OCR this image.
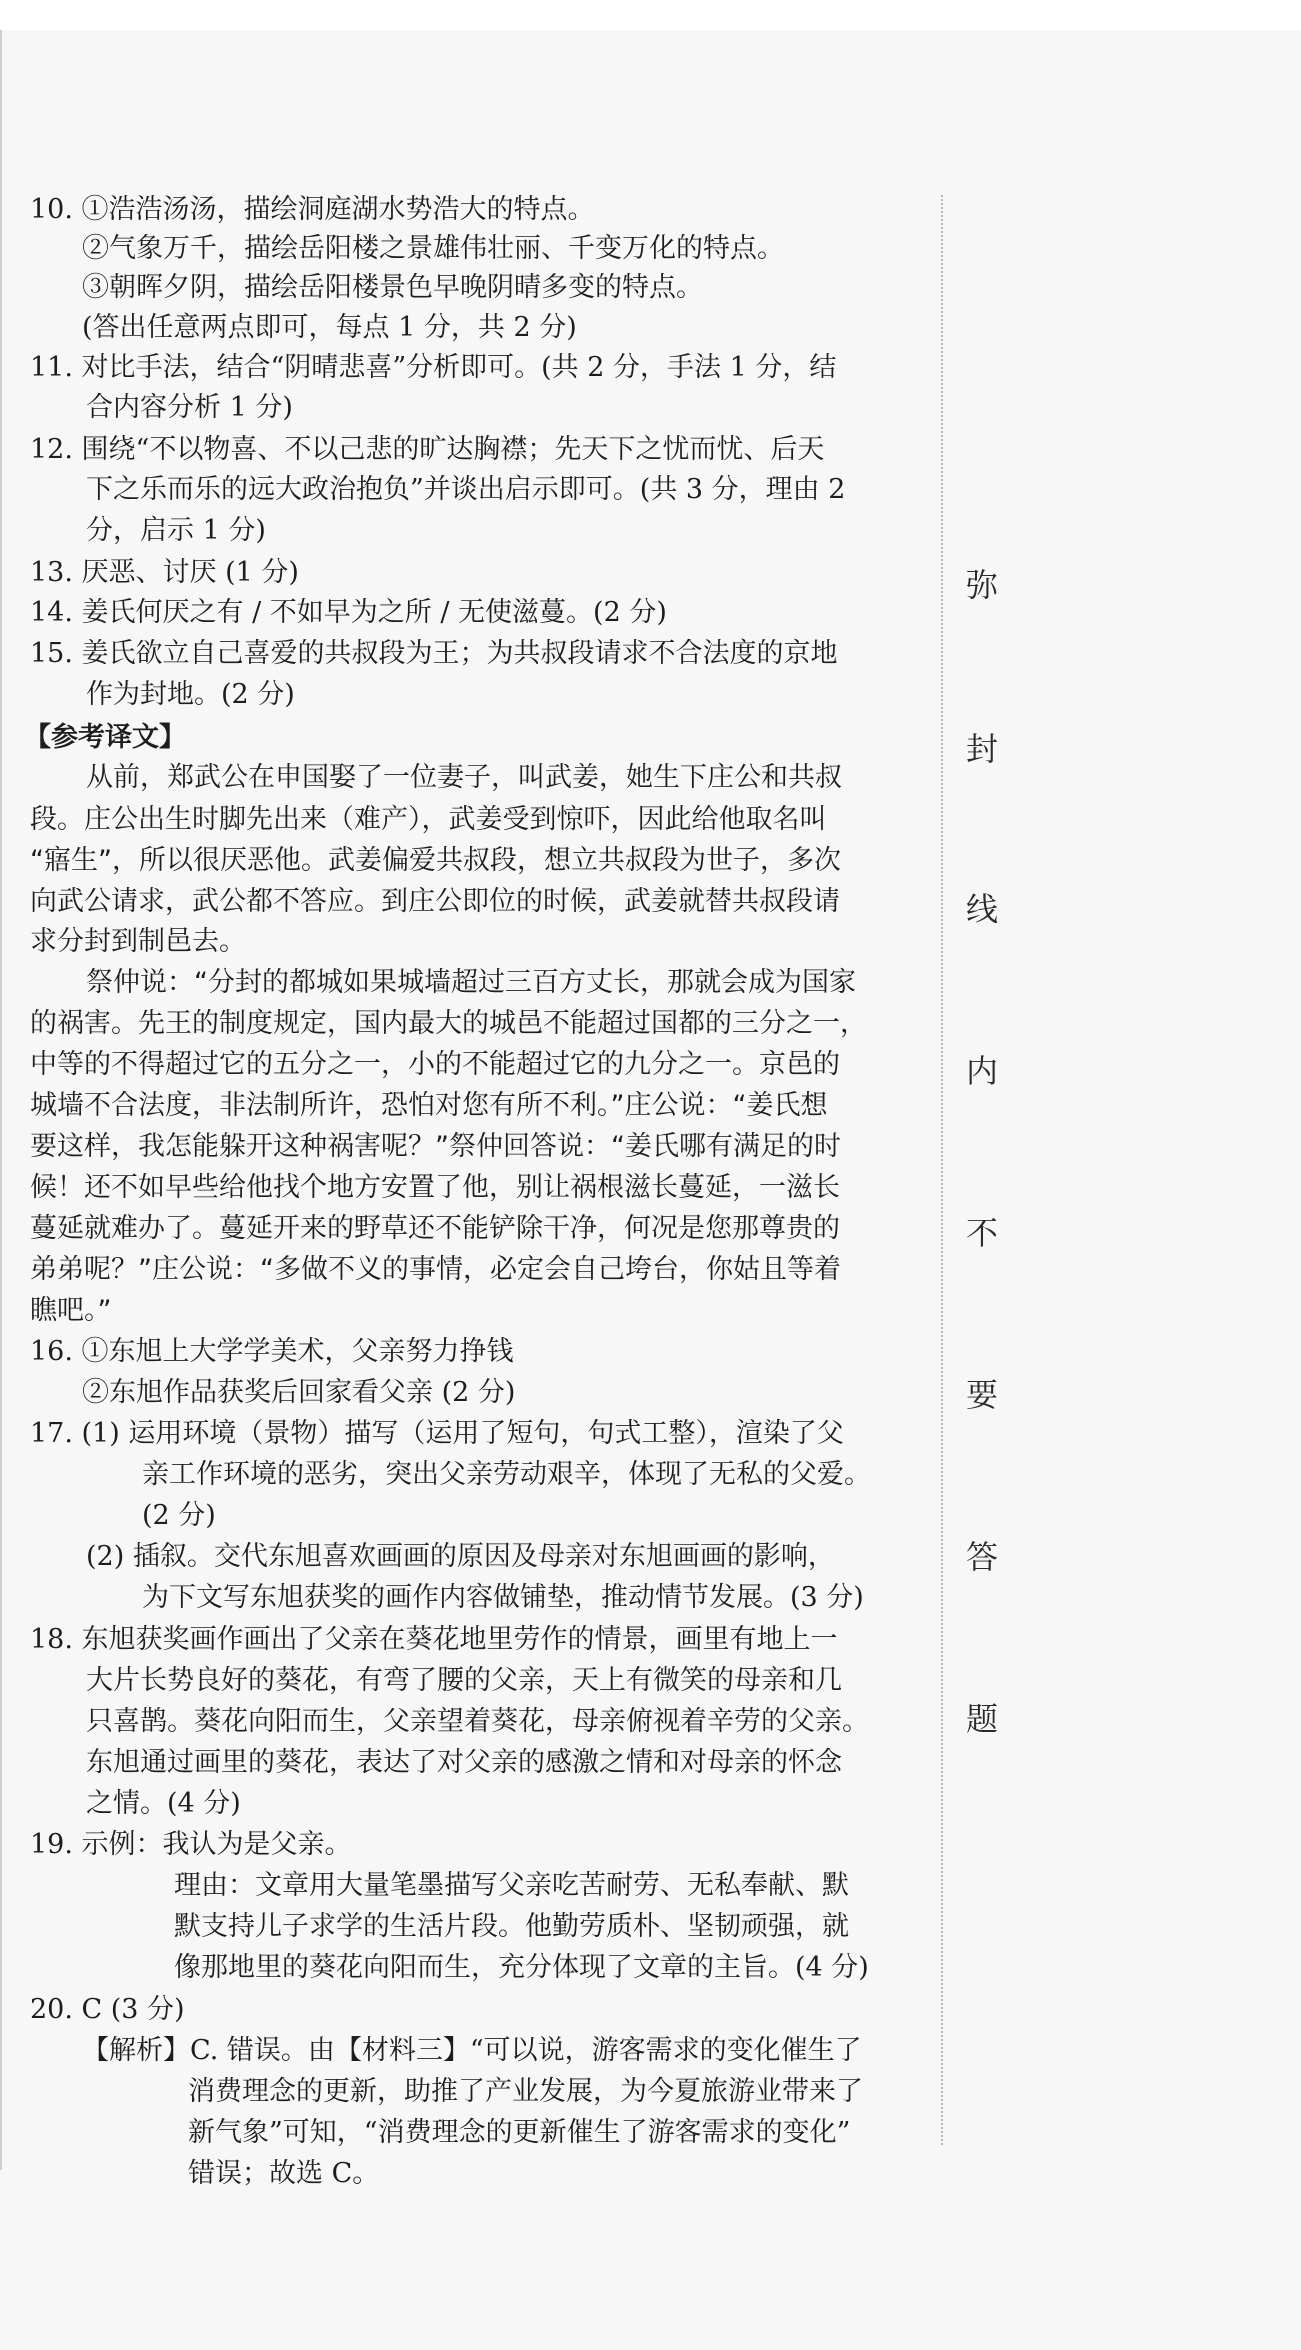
10. ①浩浩汤汤，描绘洞庭湖水势浩大的特点。
②气象万千，描绘岳阳楼之景雄伟壮丽、千变万化的特点。
③朝晖夕阴，描绘岳阳楼景色早晚阴晴多变的特点。
(答出任意两点即可，每点 1 分，共 2 分)
11. 对比手法，结合“阴晴悲喜”分析即可。(共 2 分，手法 1 分，结
合内容分析 1 分)
12. 围绕“不以物喜、不以己悲的旷达胸襟；先天下之忧而忧、后天
下之乐而乐的远大政治抱负”并谈出启示即可。(共 3 分，理由 2
分，启示 1 分)
13. 厌恶、讨厌 (1 分)
14. 姜氏何厌之有 / 不如早为之所 / 无使滋蔓。(2 分)
15. 姜氏欲立自己喜爱的共叔段为王；为共叔段请求不合法度的京地
作为封地。(2 分)
【参考译文】
从前，郑武公在申国娶了一位妻子，叫武姜，她生下庄公和共叔
段。庄公出生时脚先出来（难产），武姜受到惊吓，因此给他取名叫
“寤生”，所以很厌恶他。武姜偏爱共叔段，想立共叔段为世子，多次
向武公请求，武公都不答应。到庄公即位的时候，武姜就替共叔段请
求分封到制邑去。
祭仲说：“分封的都城如果城墙超过三百方丈长，那就会成为国家
的祸害。先王的制度规定，国内最大的城邑不能超过国都的三分之一，
中等的不得超过它的五分之一，小的不能超过它的九分之一。京邑的
城墙不合法度，非法制所许，恐怕对您有所不利。”庄公说：“姜氏想
要这样，我怎能躲开这种祸害呢？”祭仲回答说：“姜氏哪有满足的时
候！还不如早些给他找个地方安置了他，别让祸根滋长蔓延，一滋长
蔓延就难办了。蔓延开来的野草还不能铲除干净，何况是您那尊贵的
弟弟呢？”庄公说：“多做不义的事情，必定会自己垮台，你姑且等着
瞧吧。”
16. ①东旭上大学学美术，父亲努力挣钱
②东旭作品获奖后回家看父亲 (2 分)
17. (1) 运用环境（景物）描写（运用了短句，句式工整），渲染了父
亲工作环境的恶劣，突出父亲劳动艰辛，体现了无私的父爱。
(2 分)
(2) 插叙。交代东旭喜欢画画的原因及母亲对东旭画画的影响，
为下文写东旭获奖的画作内容做铺垫，推动情节发展。(3 分)
18. 东旭获奖画作画出了父亲在葵花地里劳作的情景，画里有地上一
大片长势良好的葵花，有弯了腰的父亲，天上有微笑的母亲和几
只喜鹊。葵花向阳而生，父亲望着葵花，母亲俯视着辛劳的父亲。
东旭通过画里的葵花，表达了对父亲的感激之情和对母亲的怀念
之情。(4 分)
19. 示例：我认为是父亲。
理由：文章用大量笔墨描写父亲吃苦耐劳、无私奉献、默
默支持儿子求学的生活片段。他勤劳质朴、坚韧顽强，就
像那地里的葵花向阳而生，充分体现了文章的主旨。(4 分)
20. C (3 分)
【解析】C. 错误。由【材料三】“可以说，游客需求的变化催生了
消费理念的更新，助推了产业发展，为今夏旅游业带来了
新气象”可知，“消费理念的更新催生了游客需求的变化”
错误；故选 C。
弥
封
线
内
不
要
答
题
